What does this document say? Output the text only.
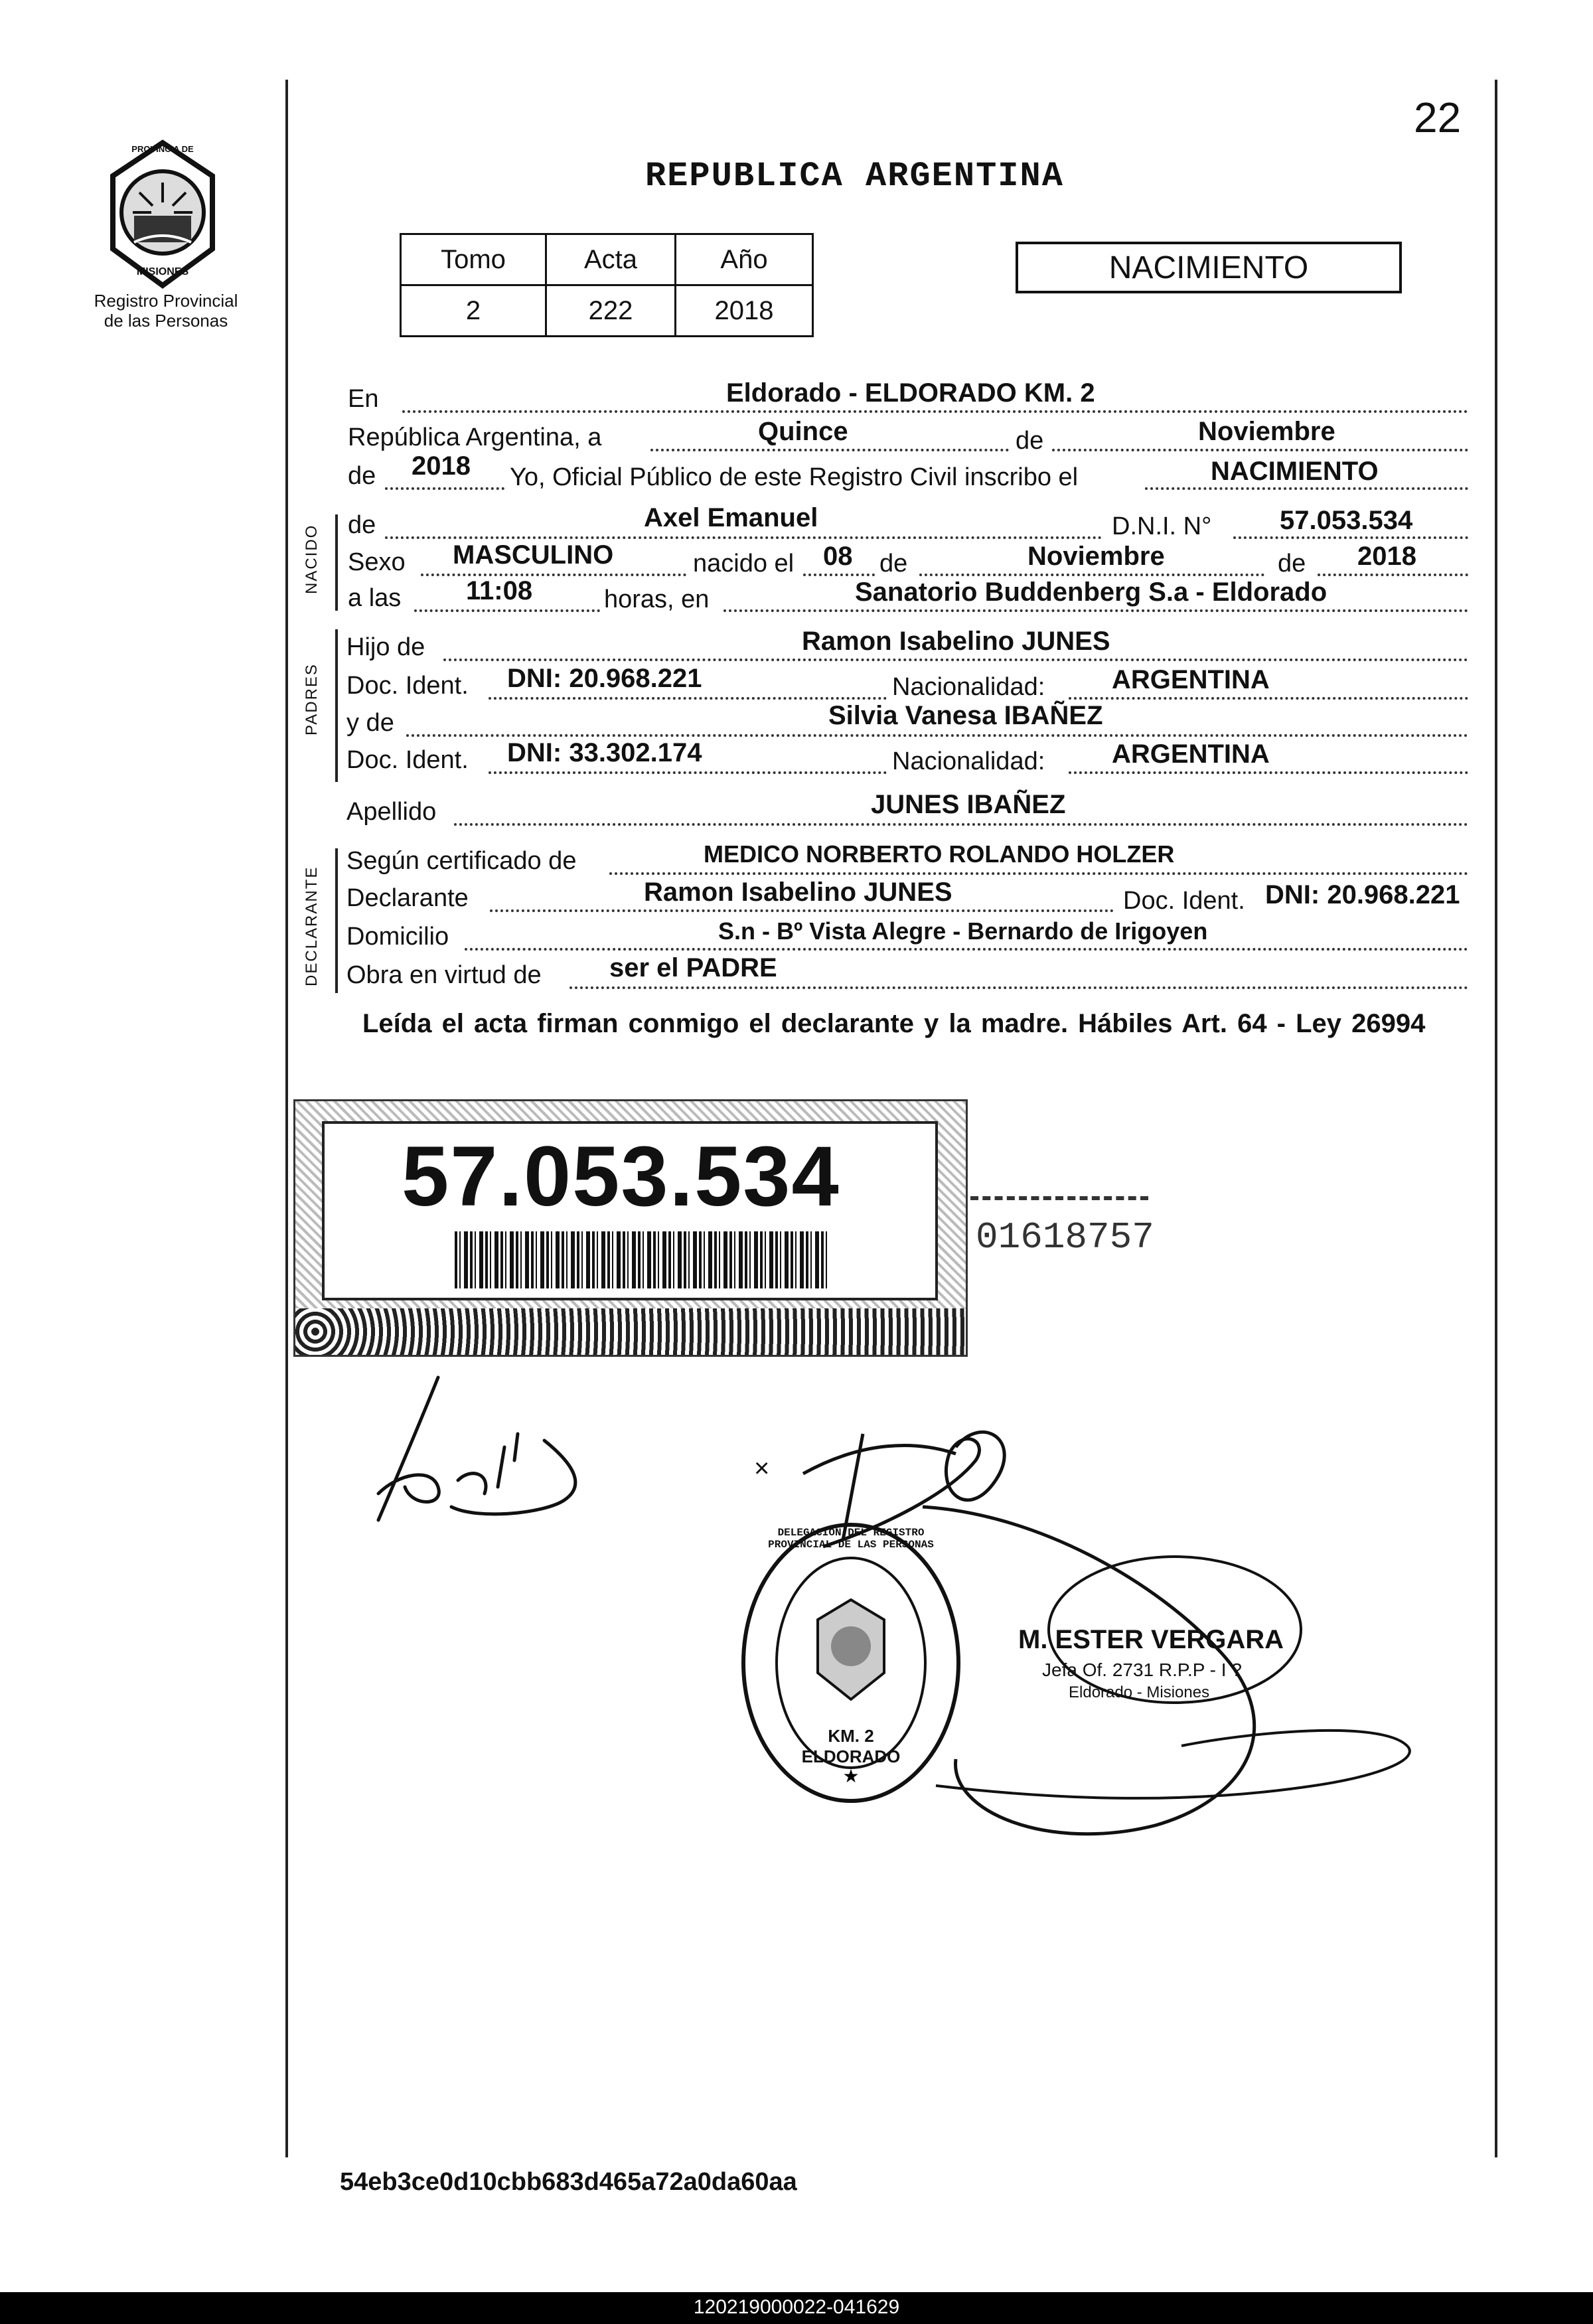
22
PROVINCIA DE
MISIONES
Registro Provincial
de las Personas
REPUBLICA ARGENTINA
Tomo	Acta	Año
2	222	2018
NACIMIENTO
En	Eldorado - ELDORADO KM. 2
República Argentina, a	Quince	de	Noviembre
de 2018 Yo, Oficial Público de este Registro Civil inscribo el	NACIMIENTO
NACIDO de	Axel Emanuel	D.N.I. N°	57.053.534
Sexo MASCULINO	nacido el 08 de	Noviembre	de 2018
a las 11:08	horas, en	Sanatorio Buddenberg S.a - Eldorado
PADRES
Hijo de	Ramon Isabelino JUNES
Doc. Ident. DNI: 20.968.221	Nacionalidad:	ARGENTINA
y de	Silvia Vanesa IBAÑEZ
Doc. Ident. DNI: 33.302.174	Nacionalidad:	ARGENTINA
Apellido	JUNES IBAÑEZ
DECLARANTE
Según certificado de	MEDICO NORBERTO ROLANDO HOLZER
Declarante	Ramon Isabelino JUNES	Doc. Ident. DNI: 20.968.221
Domicilio	S.n - Bº Vista Alegre - Bernardo de Irigoyen
Obra en virtud de	ser el PADRE
Leída el acta firman conmigo el declarante y la madre. Hábiles Art. 64 - Ley 26994
57.053.534
01618757
×
★
DELEGACION DEL REGISTRO PROVINCIAL DE LAS PERSONAS
KM. 2 ELDORADO
M. ESTER VERGARA
Jefa Of. 2731 R.P.P - I ?
Eldorado - Misiones
54eb3ce0d10cbb683d465a72a0da60aa
120219000022-041629
